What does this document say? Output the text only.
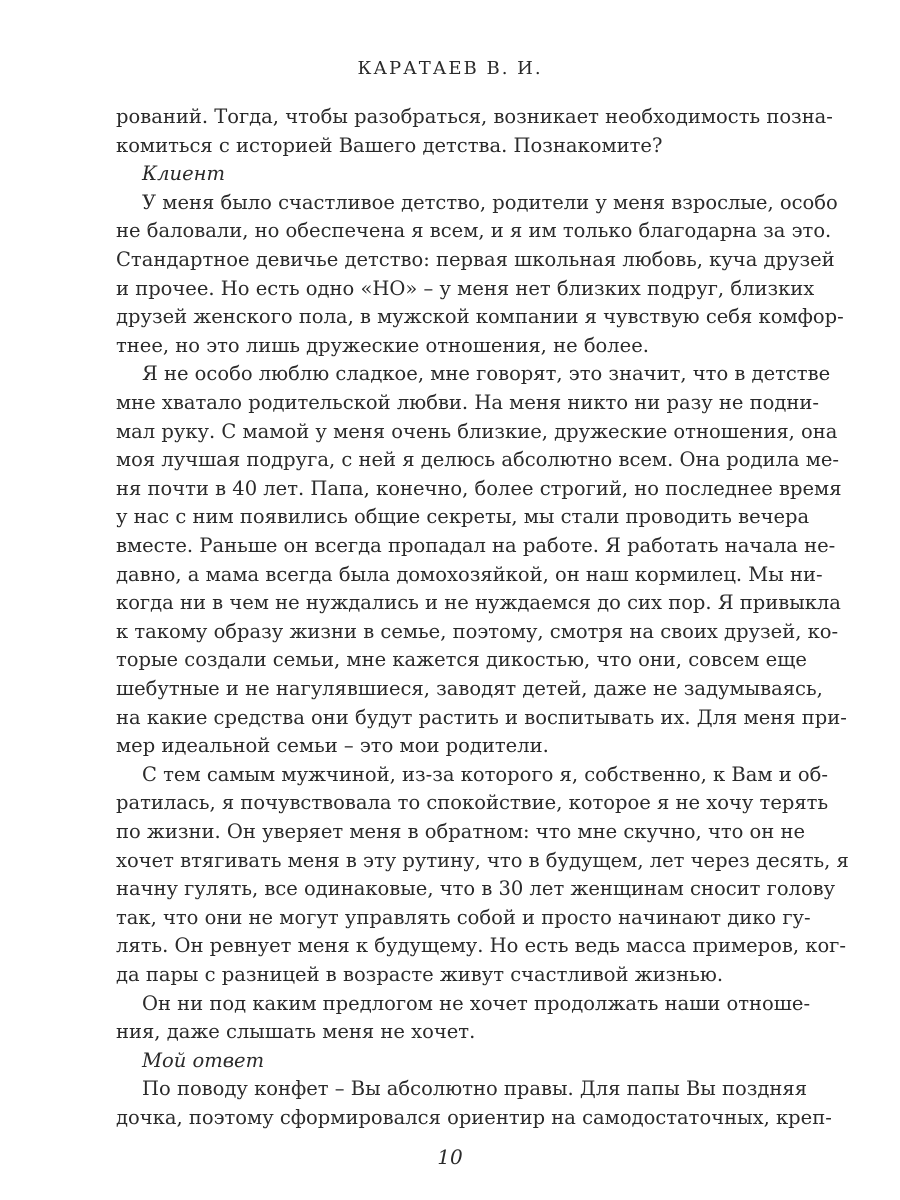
КАРАТАЕВ В. И.
рований. Тогда, чтобы разобраться, возникает необходимость позна-
комиться с историей Вашего детства. Познакомите?
Клиент
У меня было счастливое детство, родители у меня взрослые, особо
не баловали, но обеспечена я всем, и я им только благодарна за это.
Стандартное девичье детство: первая школьная любовь, куча друзей
и прочее. Но есть одно «НО» – у меня нет близких подруг, близких
друзей женского пола, в мужской компании я чувствую себя комфор-
тнее, но это лишь дружеские отношения, не более.
Я не особо люблю сладкое, мне говорят, это значит, что в детстве
мне хватало родительской любви. На меня никто ни разу не подни-
мал руку. С мамой у меня очень близкие, дружеские отношения, она
моя лучшая подруга, с ней я делюсь абсолютно всем. Она родила ме-
ня почти в 40 лет. Папа, конечно, более строгий, но последнее время
у нас с ним появились общие секреты, мы стали проводить вечера
вместе. Раньше он всегда пропадал на работе. Я работать начала не-
давно, а мама всегда была домохозяйкой, он наш кормилец. Мы ни-
когда ни в чем не нуждались и не нуждаемся до сих пор. Я привыкла
к такому образу жизни в семье, поэтому, смотря на своих друзей, ко-
торые создали семьи, мне кажется дикостью, что они, совсем еще
шебутные и не нагулявшиеся, заводят детей, даже не задумываясь,
на какие средства они будут растить и воспитывать их. Для меня при-
мер идеальной семьи – это мои родители.
С тем самым мужчиной, из-за которого я, собственно, к Вам и об-
ратилась, я почувствовала то спокойствие, которое я не хочу терять
по жизни. Он уверяет меня в обратном: что мне скучно, что он не
хочет втягивать меня в эту рутину, что в будущем, лет через десять, я
начну гулять, все одинаковые, что в 30 лет женщинам сносит голову
так, что они не могут управлять собой и просто начинают дико гу-
лять. Он ревнует меня к будущему. Но есть ведь масса примеров, ког-
да пары с разницей в возрасте живут счастливой жизнью.
Он ни под каким предлогом не хочет продолжать наши отноше-
ния, даже слышать меня не хочет.
Мой ответ
По поводу конфет – Вы абсолютно правы. Для папы Вы поздняя
дочка, поэтому сформировался ориентир на самодостаточных, креп-
10
